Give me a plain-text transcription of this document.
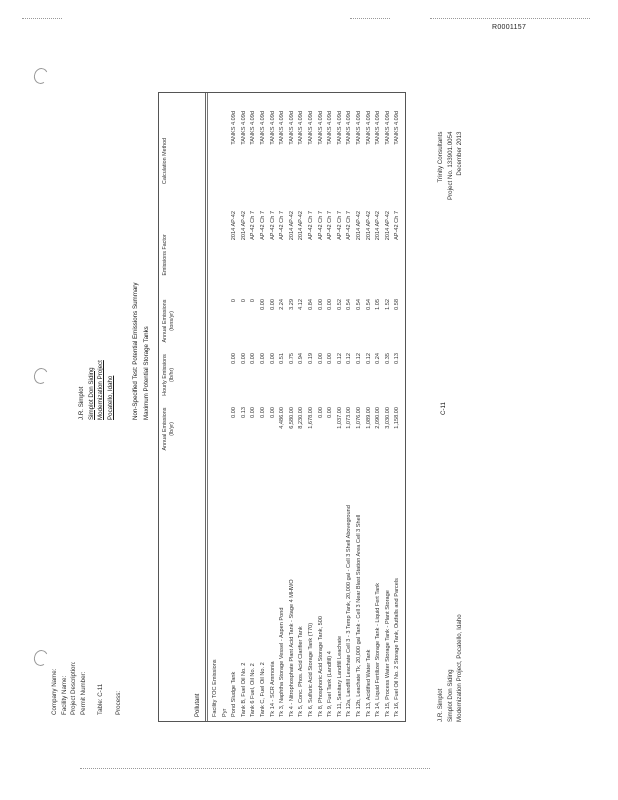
R0001157
Company Name: Facility Name: Project Description: Permit Number: Table: C-11 Process:
J.R. Simplot Simplot Don Siding Modernization Project Pocatello, Idaho	Non-Specified Test: Potential Emissions Summary Maximum Potential Storage Tanks
Annual Emissions (lb/yr)
Hourly Emissions (lb/hr)
Annual Emissions (tons/yr)
Emissions Factor
Calculation Method
Pollutant Facility TOC Emissions Pyr Pond Sludge Tank
0.00
0.00
0
2014 AP-42
TANKS 4.09d
Tank B, Fuel Oil No. 2
0.13
0.00
0
2014 AP-42
TANKS 4.09d
Tank 6 Fuel, Oil No. 2
0.00
0.00
0
AP-42 Ch 7
TANKS 4.09d
Tank C, Fuel Oil No. 2
0.00
0.00
0.00
AP-42 Ch 7
TANKS 4.09d
Tk 14 - SCR Ammonia
0.00
0.00
0.00
AP-42 Ch 7
TANKS 4.09d
Tk 3, Naphtha Storage Vessel - Aspen Pond
4,486.00
0.51
2.24
AP-42 Ch 7
TANKS 4.09d
Tk 4 - Nitrophosphate Plant Acid Tank - Stage 4 MHWO
6,580.00
0.75
3.29
2014 AP-42
TANKS 4.09d
Tk 5, Conc. Phos. Acid Clarifier Tank
8,230.00
0.94
4.12
2014 AP-42
TANKS 4.09d
Tk 6, Sulfuric Acid Storage Tank (T70)
1,678.00
0.19
0.84
AP-42 Ch 7
TANKS 4.09d
Tk 8, Phosphoric Acid Storage Tank, 500
0.00
0.00
0.00
AP-42 Ch 7
TANKS 4.09d
Tk 9, Fuel Tank (Landfill) 4
0.00
0.00
0.00
AP-42 Ch 7
TANKS 4.09d
Tk 11, Sanitary Landfill Leachate
1,037.00
0.12
0.52
AP-42 Ch 7
TANKS 4.09d
Tk 12a, Landfill Leachate Cell 3 - 3 Temp Tank, 20,000 gal - Cell 3 Shell Aboveground
1,073.00
0.12
0.54
AP-42 Ch 7
TANKS 4.09d
Tk 12b, Leachate Tk, 20,000 gal Tank - Cell 3 Near Blast Station Area Cell 3 Shell
1,076.00
0.12
0.54
2014 AP-42
TANKS 4.09d
Tk 13, Acidified Water Tank
1,089.00
0.12
0.54
2014 AP-42
TANKS 4.09d
Tk 14, Liquid Fertilizer Storage Tank - Liquid Fert Tank
2,090.00
0.24
1.05
2014 AP-42
TANKS 4.09d
Tk 15, Process Water Storage Tank - Plant Storage
3,030.00
0.35
1.52
2014 AP-42
TANKS 4.09d
Tk 16, Fuel Oil No. 2 Storage Tank, Outfalls and Parcels
1,158.00
0.13
0.58
AP-42 Ch 7
TANKS 4.09d
J.R. Simplot Simplot Don Siding Modernization Project, Pocatello, Idaho
C-11
Trinity Consultants Project No. 133901.0054 December 2013
